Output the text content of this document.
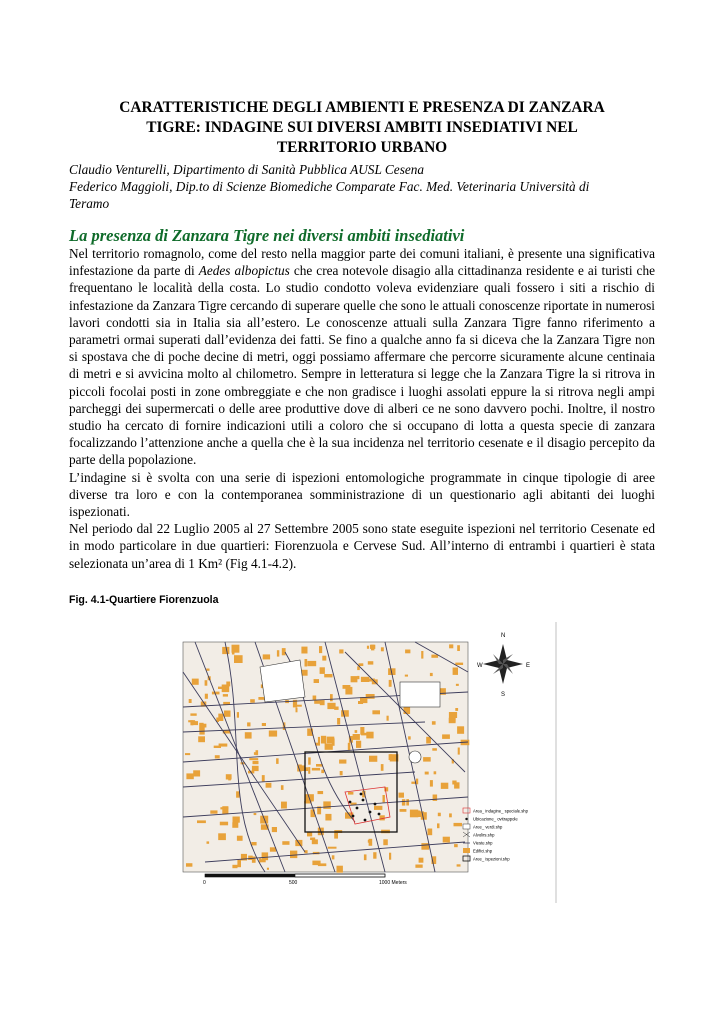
CARATTERISTICHE DEGLI AMBIENTI E PRESENZA DI ZANZARA
TIGRE: INDAGINE SUI DIVERSI AMBITI INSEDIATIVI NEL
TERRITORIO URBANO
Claudio Venturelli, Dipartimento di Sanità Pubblica AUSL Cesena
Federico Maggioli, Dip.to di Scienze Biomediche Comparate Fac. Med. Veterinaria Università di
Teramo
La presenza di Zanzara Tigre nei diversi ambiti insediativi

Nel territorio romagnolo, come del resto nella maggior parte dei comuni italiani, è presente una significativa infestazione da parte di Aedes albopictus che crea notevole disagio alla cittadinanza residente e ai turisti che frequentano le località della costa. Lo studio condotto voleva evidenziare quali fossero i siti a rischio di infestazione da Zanzara Tigre cercando di superare quelle che sono le attuali conoscenze riportate in numerosi lavori condotti sia in Italia sia all’estero. Le conoscenze attuali sulla Zanzara Tigre fanno riferimento a parametri ormai superati dall’evidenza dei fatti. Se fino a qualche anno fa si diceva che la Zanzara Tigre non si spostava che di poche decine di metri, oggi possiamo affermare che percorre sicuramente alcune centinaia di metri e si avvicina molto al chilometro. Sempre in letteratura si legge che la Zanzara Tigre la si ritrova in piccoli focolai posti in zone ombreggiate e che non gradisce i luoghi assolati eppure la si ritrova negli ampi parcheggi dei supermercati o delle aree produttive dove di alberi ce ne sono davvero pochi. Inoltre, il nostro studio ha cercato di fornire indicazioni utili a coloro che si occupano di lotta a questa specie di zanzara focalizzando l’attenzione anche a quella che è la sua incidenza nel territorio cesenate e il disagio percepito da parte della popolazione.

L’indagine si è svolta con una serie di ispezioni entomologiche programmate in cinque tipologie di aree diverse tra loro e con la contemporanea somministrazione di un questionario agli abitanti dei luoghi ispezionati.

Nel periodo dal 22 Luglio 2005 al 27 Settembre 2005 sono state eseguite ispezioni nel territorio Cesenate ed in modo particolare in due quartieri: Fiorenzuola e Cervese Sud. All’interno di entrambi i quartieri è stata selezionata un’area di 1 Km² (Fig 4.1-4.2).

Fig. 4.1-Quartiere Fiorenzuola
N
S
W	E
Area_ indagine_ speciale.shp
Ubicazione_ ovitrappole
Aree_ verdi.shp
Alvolirs.shp
Vieste.shp
Edifici.shp
Aree_ ispezioni.shp
0	500	1000 Meters
